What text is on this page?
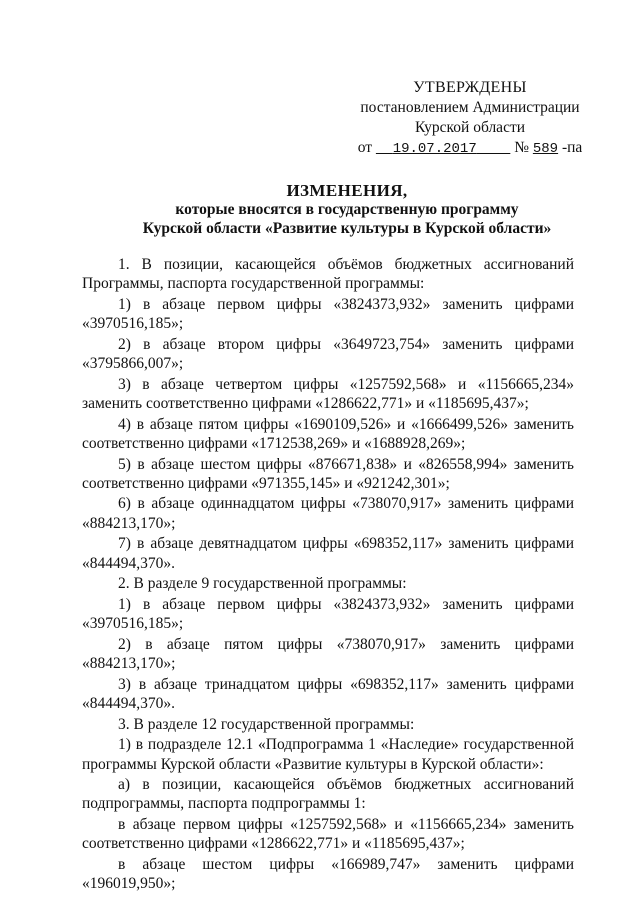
УТВЕРЖДЕНЫ
постановлением Администрации
Курской области
от 19.07.2017 № 589 -па
ИЗМЕНЕНИЯ,
которые вносятся в государственную программу
Курской области «Развитие культуры в Курской области»

1. В позиции, касающейся объёмов бюджетных ассигнований Программы, паспорта государственной программы:

1) в абзаце первом цифры «3824373,932» заменить цифрами «3970516,185»;

2) в абзаце втором цифры «3649723,754» заменить цифрами «3795866,007»;

3) в абзаце четвертом цифры «1257592,568» и «1156665,234» заменить соответственно цифрами «1286622,771» и «1185695,437»;

4) в абзаце пятом цифры «1690109,526» и «1666499,526» заменить соответственно цифрами «1712538,269» и «1688928,269»;

5) в абзаце шестом цифры «876671,838» и «826558,994» заменить соответственно цифрами «971355,145» и «921242,301»;

6) в абзаце одиннадцатом цифры «738070,917» заменить цифрами «884213,170»;

7) в абзаце девятнадцатом цифры «698352,117» заменить цифрами «844494,370».

2. В разделе 9 государственной программы:

1) в абзаце первом цифры «3824373,932» заменить цифрами «3970516,185»;

2) в абзаце пятом цифры «738070,917» заменить цифрами «884213,170»;

3) в абзаце тринадцатом цифры «698352,117» заменить цифрами «844494,370».

3. В разделе 12 государственной программы:

1) в подразделе 12.1 «Подпрограмма 1 «Наследие» государственной программы Курской области «Развитие культуры в Курской области»:

а) в позиции, касающейся объёмов бюджетных ассигнований подпрограммы, паспорта подпрограммы 1:

в абзаце первом цифры «1257592,568» и «1156665,234» заменить соответственно цифрами «1286622,771» и «1185695,437»;

в абзаце шестом цифры «166989,747» заменить цифрами «196019,950»;
